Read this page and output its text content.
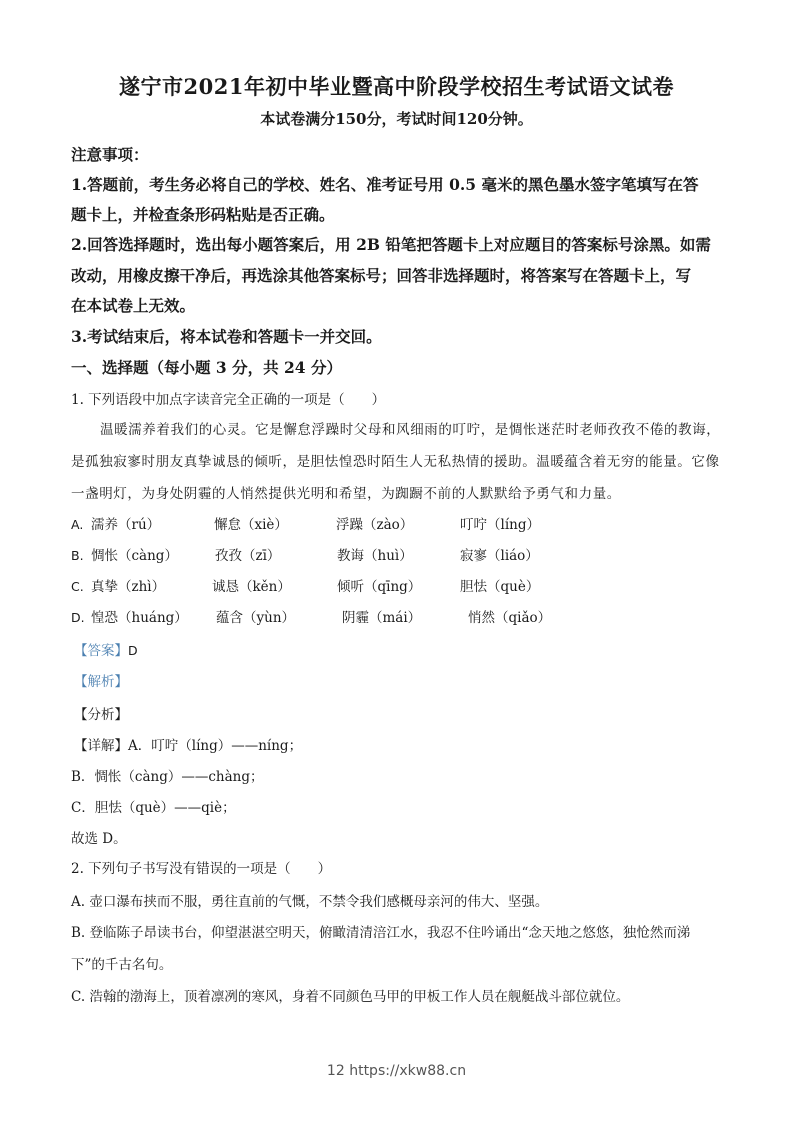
遂宁市2021年初中毕业暨高中阶段学校招生考试语文试卷
本试卷满分150分，考试时间120分钟。
注意事项：
1.答题前，考生务必将自己的学校、姓名、准考证号用 0.5 毫米的黑色墨水签字笔填写在答
题卡上，并检查条形码粘贴是否正确。
2.回答选择题时，选出每小题答案后，用 2B 铅笔把答题卡上对应题目的答案标号涂黑。如需
改动，用橡皮擦干净后，再选涂其他答案标号；回答非选择题时，将答案写在答题卡上，写
在本试卷上无效。
3.考试结束后，将本试卷和答题卡一并交回。
一、选择题（每小题 3 分，共 24 分）
1. 下列语段中加点字读音完全正确的一项是（　　）
温暖濡养着我们的心灵。它是懈怠浮躁时父母和风细雨的叮咛，是惆怅迷茫时老师孜孜不倦的教诲，
是孤独寂寥时朋友真挚诚恳的倾听，是胆怯惶恐时陌生人无私热情的援助。温暖蕴含着无穷的能量。它像
一盏明灯，为身处阴霾的人悄然提供光明和希望，为踟蹰不前的人默默给予勇气和力量。
A. 濡养（rú）	懈怠（xiè）	浮躁（zào）	叮咛（líng）
B. 惆怅（càng）	孜孜（zī）	教诲（huì）	寂寥（liáo）
C. 真挚（zhì）	诚恳（kěn）	倾听（qīng）	胆怯（què）
D. 惶恐（huáng） 蕴含（yùn）	阴霾（mái）	悄然（qiǎo）
【答案】D
【解析】
【分析】
【详解】A．叮咛（líng）——níng；
B．惆怅（càng）——chàng；
C．胆怯（què）——qiè；
故选 D。
2. 下列句子书写没有错误的一项是（　　）
A. 壶口瀑布挟而不服，勇往直前的气慨，不禁令我们感概母亲河的伟大、坚强。
B. 登临陈子昂读书台，仰望湛湛空明天，俯瞰清清涪江水，我忍不住吟诵出“念天地之悠悠，独怆然而涕
下”的千古名句。
C. 浩翰的渤海上，顶着凛冽的寒风，身着不同颜色马甲的甲板工作人员在舰艇战斗部位就位。
12 https://xkw88.cn
